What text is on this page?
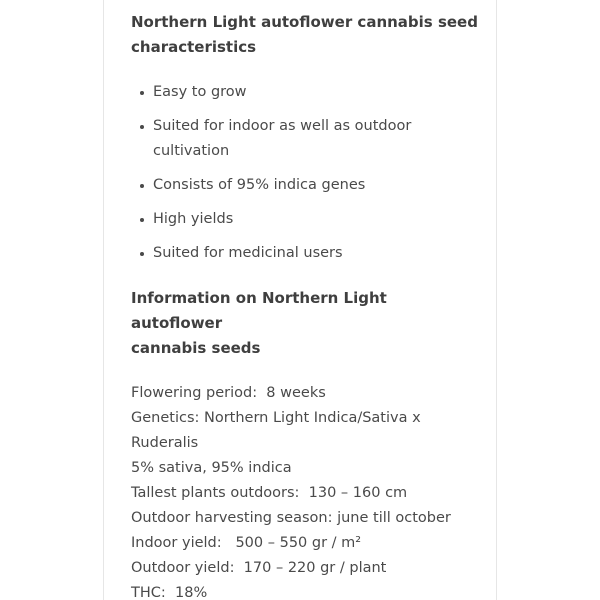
Northern Light autoflower cannabis seed
characteristics
Easy to grow
Suited for indoor as well as outdoor
cultivation
Consists of 95% indica genes
High yields
Suited for medicinal users
Information on Northern Light autoflower
cannabis seeds

Flowering period:  8 weeks

Genetics: Northern Light Indica/Sativa x

Ruderalis

5% sativa, 95% indica

Tallest plants outdoors:  130 – 160 cm

Outdoor harvesting season: june till october

Indoor yield:   500 – 550 gr / m²

Outdoor yield:  170 – 220 gr / plant

THC:  18%
